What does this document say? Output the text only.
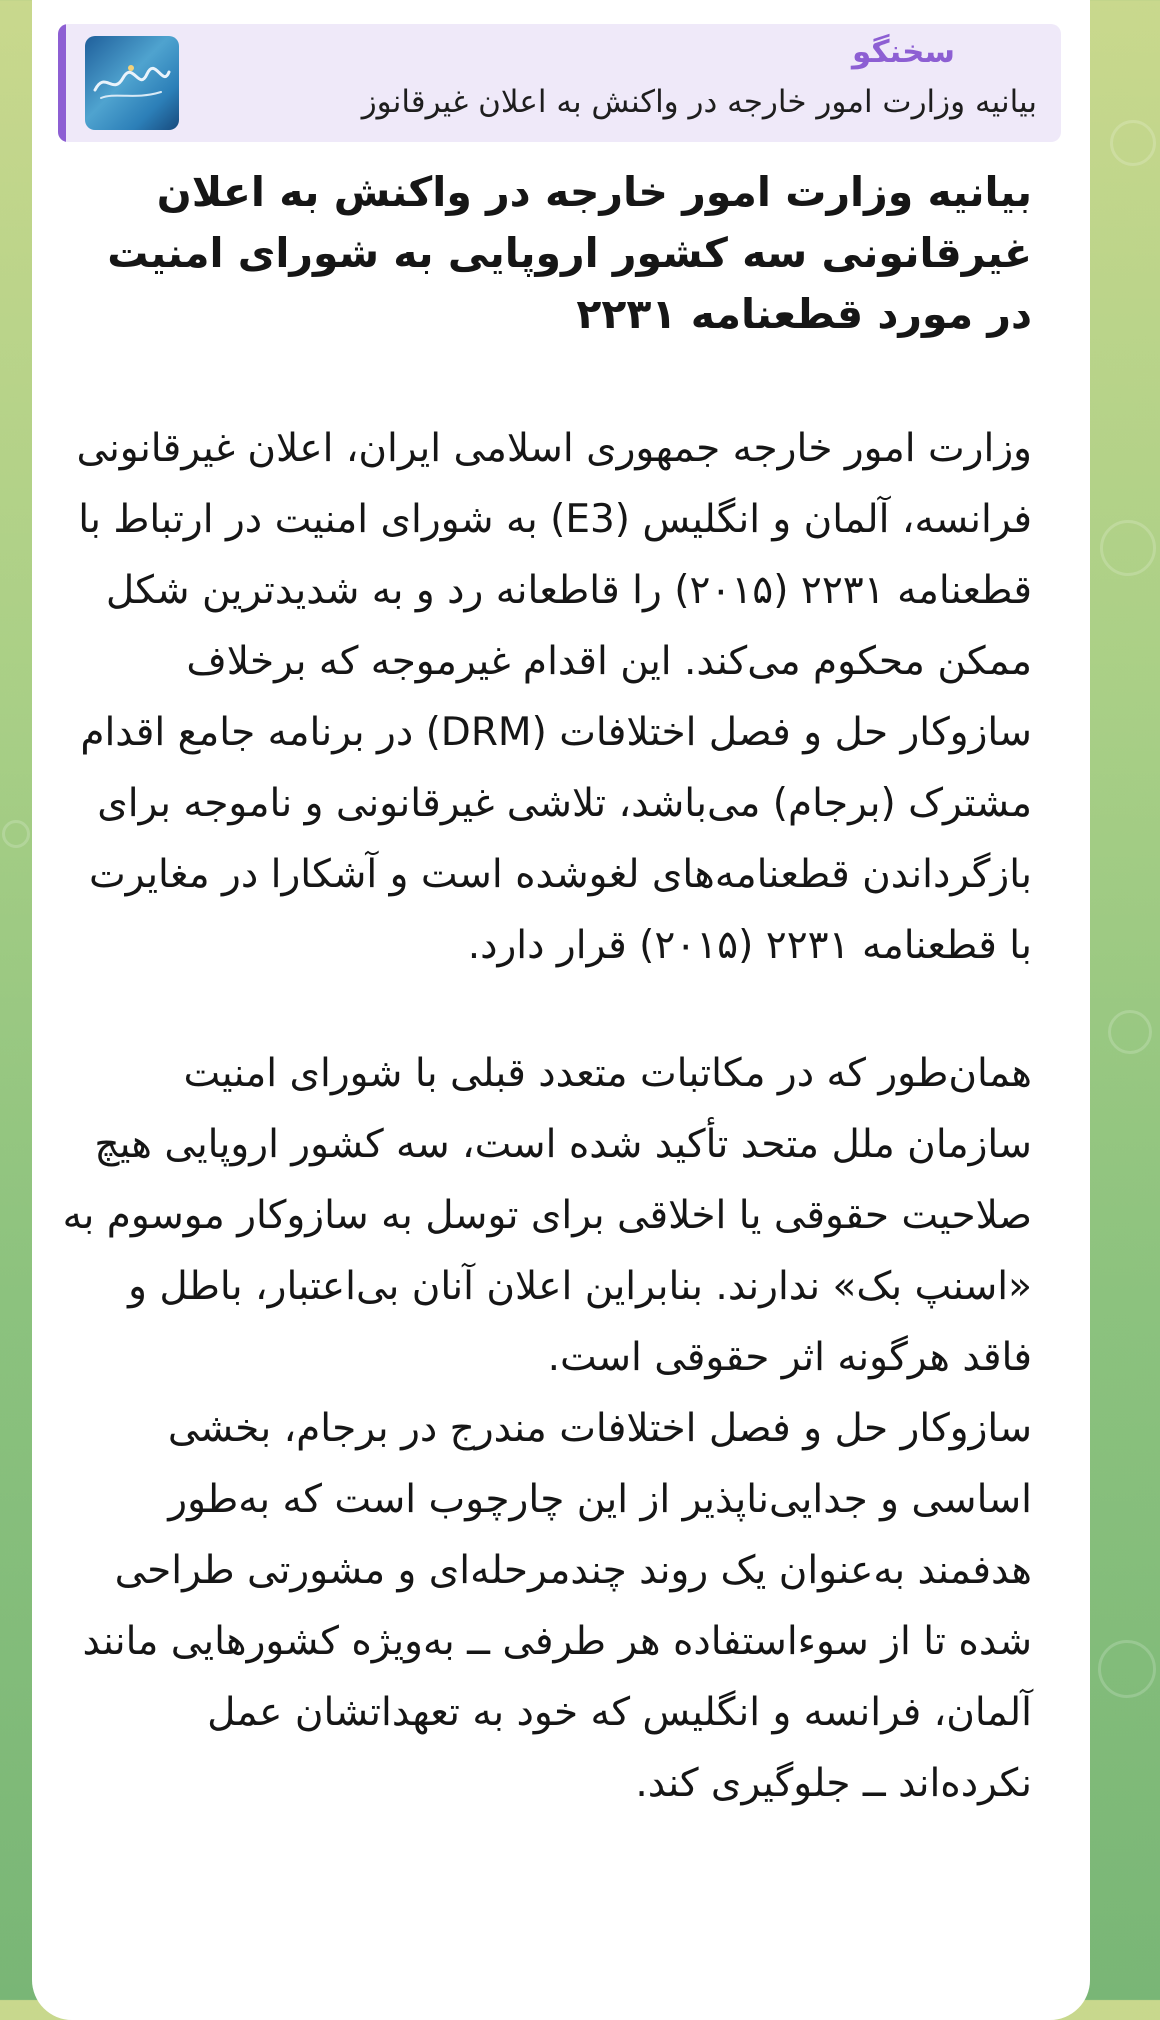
سخنگو
بیانیه وزارت امور خارجه در واکنش به اعلان غیرقانوز

بیانیه وزارت امور خارجه در واکنش به اعلان غیرقانونی سه کشور اروپایی به شورای امنیت در مورد قطعنامه ۲۲۳۱

وزارت امور خارجه جمهوری اسلامی ایران، اعلان غیرقانونی فرانسه، آلمان و انگلیس (E3) به شورای امنیت در ارتباط با قطعنامه ۲۲۳۱ (۲۰۱۵) را قاطعانه رد و به شدیدترین شکل ممکن محکوم می‌کند. این اقدام غیرموجه که برخلاف سازوکار حل و فصل اختلافات (DRM) در برنامه جامع اقدام مشترک (برجام) می‌باشد، تلاشی غیرقانونی و ناموجه برای بازگرداندن قطعنامه‌های لغوشده است و آشکارا در مغایرت با قطعنامه ۲۲۳۱ (۲۰۱۵) قرار دارد.

همان‌طور که در مکاتبات متعدد قبلی با شورای امنیت سازمان ملل متحد تأکید شده است، سه کشور اروپایی هیچ صلاحیت حقوقی یا اخلاقی برای توسل به سازوکار موسوم به «اسنپ بک» ندارند. بنابراین اعلان آنان بی‌اعتبار، باطل و فاقد هرگونه اثر حقوقی است.

سازوکار حل و فصل اختلافات مندرج در برجام، بخشی اساسی و جدایی‌ناپذیر از این چارچوب است که به‌طور هدفمند به‌عنوان یک روند چندمرحله‌ای و مشورتی طراحی شده تا از سوءاستفاده هر طرفی ــ به‌ویژه کشورهایی مانند آلمان، فرانسه و انگلیس که خود به تعهداتشان عمل نکرده‌اند ــ جلوگیری کند.
